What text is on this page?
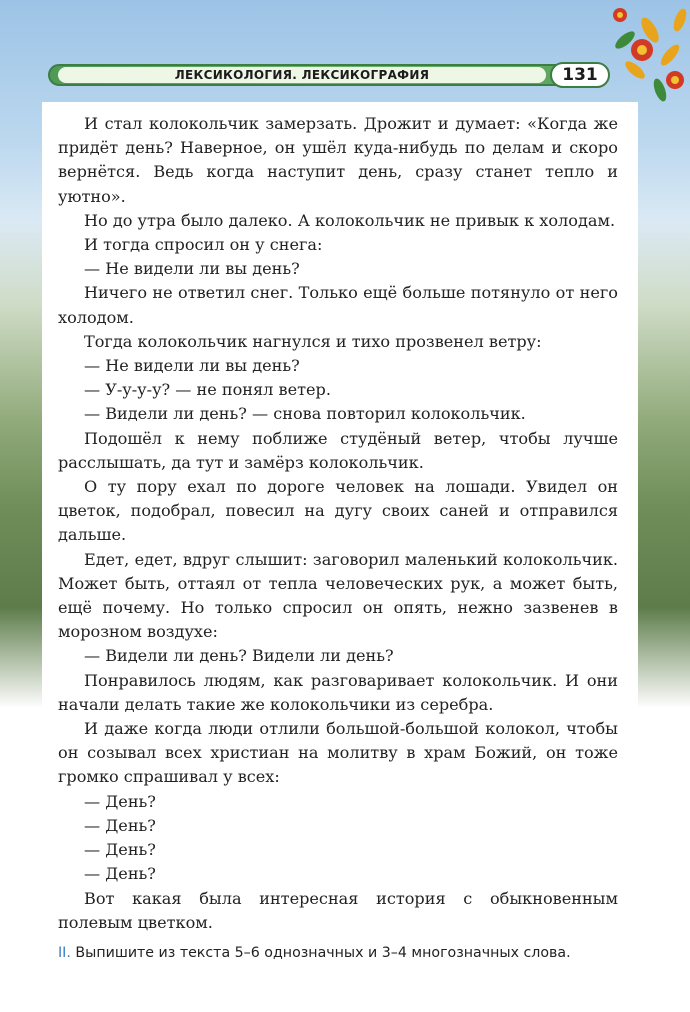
ЛЕКСИКОЛОГИЯ. ЛЕКСИКОГРАФИЯ	131

И стал колокольчик замерзать. Дрожит и думает: «Когда же придёт день? Наверное, он ушёл куда-нибудь по делам и скоро вернётся. Ведь когда наступит день, сразу станет тепло и уютно».

Но до утра было далеко. А колокольчик не привык к холодам.

И тогда спросил он у снега:

— Не видели ли вы день?

Ничего не ответил снег. Только ещё больше потянуло от него холодом.

Тогда колокольчик нагнулся и тихо прозвенел ветру:

— Не видели ли вы день?

— У-у-у-у? — не понял ветер.

— Видели ли день? — снова повторил колокольчик.

Подошёл к нему поближе студёный ветер, чтобы лучше расслышать, да тут и замёрз колокольчик.

О ту пору ехал по дороге человек на лошади. Увидел он цветок, подобрал, повесил на дугу своих саней и отправился дальше.

Едет, едет, вдруг слышит: заговорил маленький колокольчик. Может быть, оттаял от тепла человеческих рук, а может быть, ещё почему. Но только спросил он опять, нежно зазвенев в морозном воздухе:

— Видели ли день? Видели ли день?

Понравилось людям, как разговаривает колокольчик. И они начали делать такие же колокольчики из серебра.

И даже когда люди отлили большой-большой колокол, чтобы он созывал всех христиан на молитву в храм Божий, он тоже громко спрашивал у всех:

— День?

— День?

— День?

— День?

Вот какая была интересная история с обыкновенным полевым цветком.

II. Выпишите из текста 5–6 однозначных и 3–4 многозначных слова.
